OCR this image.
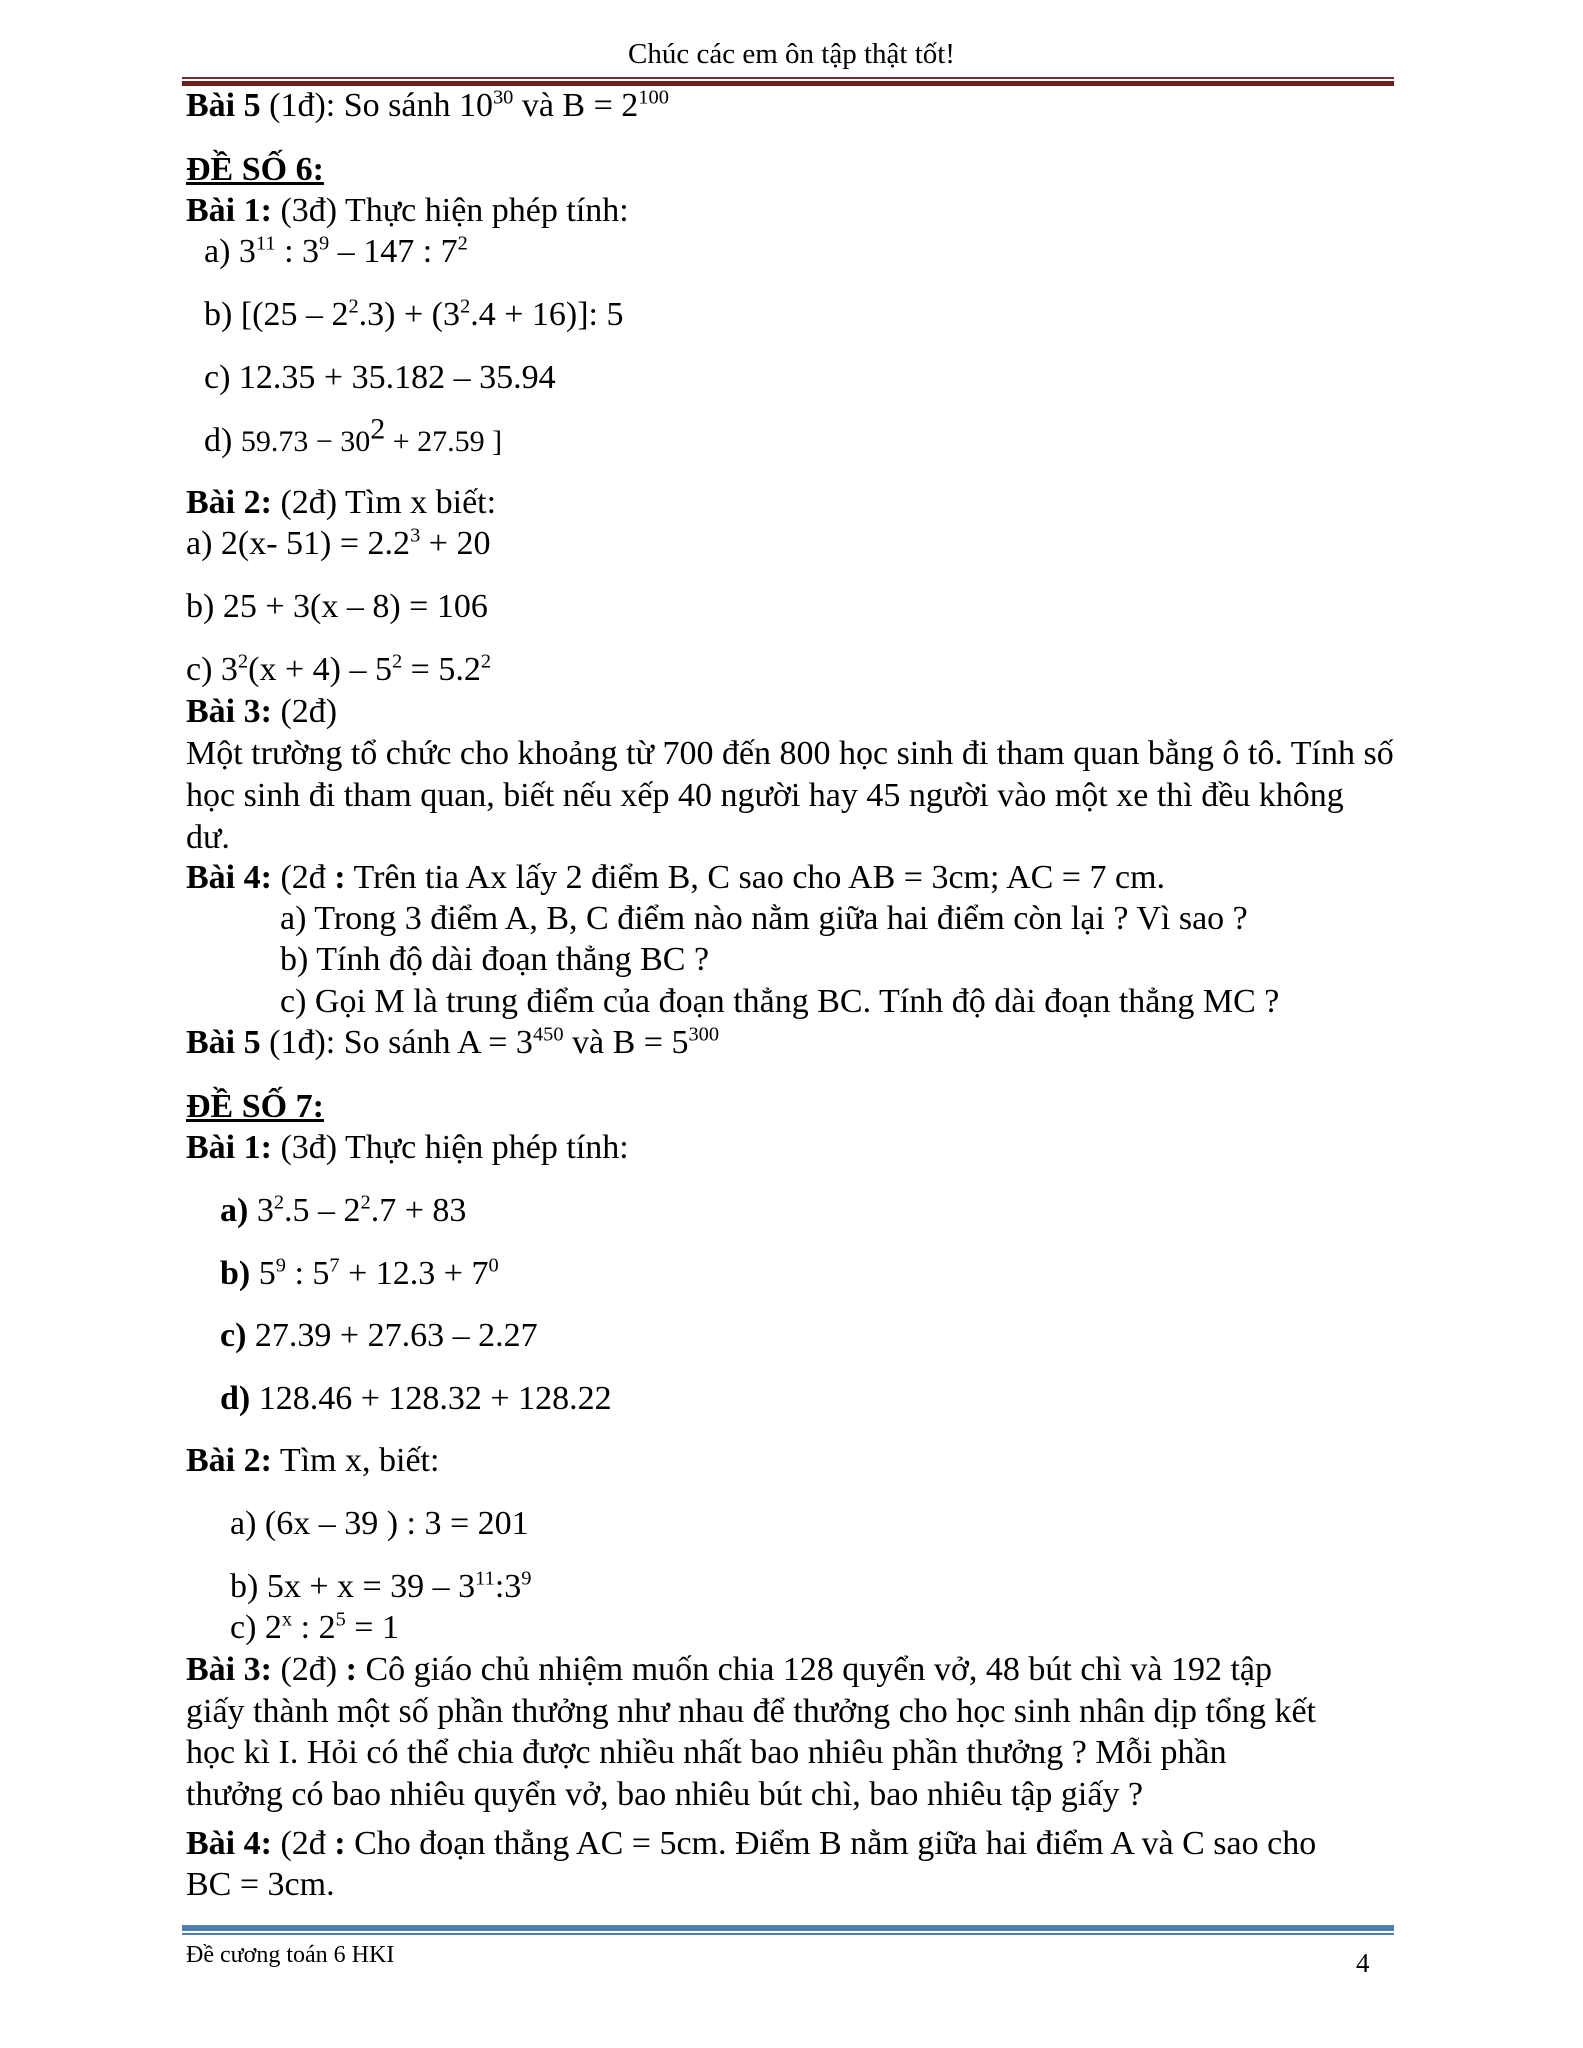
Chúc các em ôn tập thật tốt!
Bài 5 (1đ): So sánh $10^{30}$ và $B = 2^{100}$
ĐỀ SỐ 6:
Bài 1: (3đ) Thực hiện phép tính:
a) $3^{11}$ : $3^9 - 147$ : $7^2$
b) $[(25 - 2^2.3) + (3^2.4 + 16)]$: 5
c) 12.35 + 35.182 – 35.94
d) $59.73 - 30^2 + 27.59$ ]
Bài 2: (2đ) Tìm x biết:
a) 2(x- $51) = 2.2^3 + 20$
b) 25 + 3(x – 8) = 106
c) $3^2(x + 4) - 5^2 = 5.2^2$
Bài 3: (2đ)
Một trường tổ chức cho khoảng từ 700 đến 800 học sinh đi tham quan bằng ô tô. Tính số học sinh đi tham quan, biết nếu xếp 40 người hay 45 người vào một xe thì đều không dư.
Bài 4: (2đ : Trên tia Ax lấy 2 điểm B, C sao cho AB = 3cm; AC = 7 cm.
a) Trong 3 điểm A, B, C điểm nào nằm giữa hai điểm còn lại ? Vì sao ?
b) Tính độ dài đoạn thẳng BC ?
c) Gọi M là trung điểm của đoạn thẳng BC. Tính độ dài đoạn thẳng MC ?
Bài 5 (1đ): So sánh $A = 3^{450}$ và $B = 5^{300}$
ĐỀ SỐ 7:
Bài 1: (3đ) Thực hiện phép tính:
a) $3^2.5 - 2^2.7 + 83$
b) $5^9$ : $5^7 + 12.3 + 7^0$
c) 27.39 + 27.63 – 2.27
d) 128.46 + 128.32 + 128.22
Bài 2: Tìm x, biết:
a) (6x – 39 ) : 3 = 201
b) $5x + x = 39 - 3^{11}:3^9$
c) 2$^x$ : $2^5 = 1$
Bài 3: (2đ) : Cô giáo chủ nhiệm muốn chia 128 quyển vở, 48 bút chì và 192 tập
giấy thành một số phần thưởng như nhau để thưởng cho học sinh nhân dịp tổng kết
học kì I. Hỏi có thể chia được nhiều nhất bao nhiêu phần thưởng ? Mỗi phần
thưởng có bao nhiêu quyển vở, bao nhiêu bút chì, bao nhiêu tập giấy ?
Bài 4: (2đ : Cho đoạn thẳng AC = 5cm. Điểm B nằm giữa hai điểm A và C sao cho
BC = 3cm.
Đề cương toán 6 HKI	4
